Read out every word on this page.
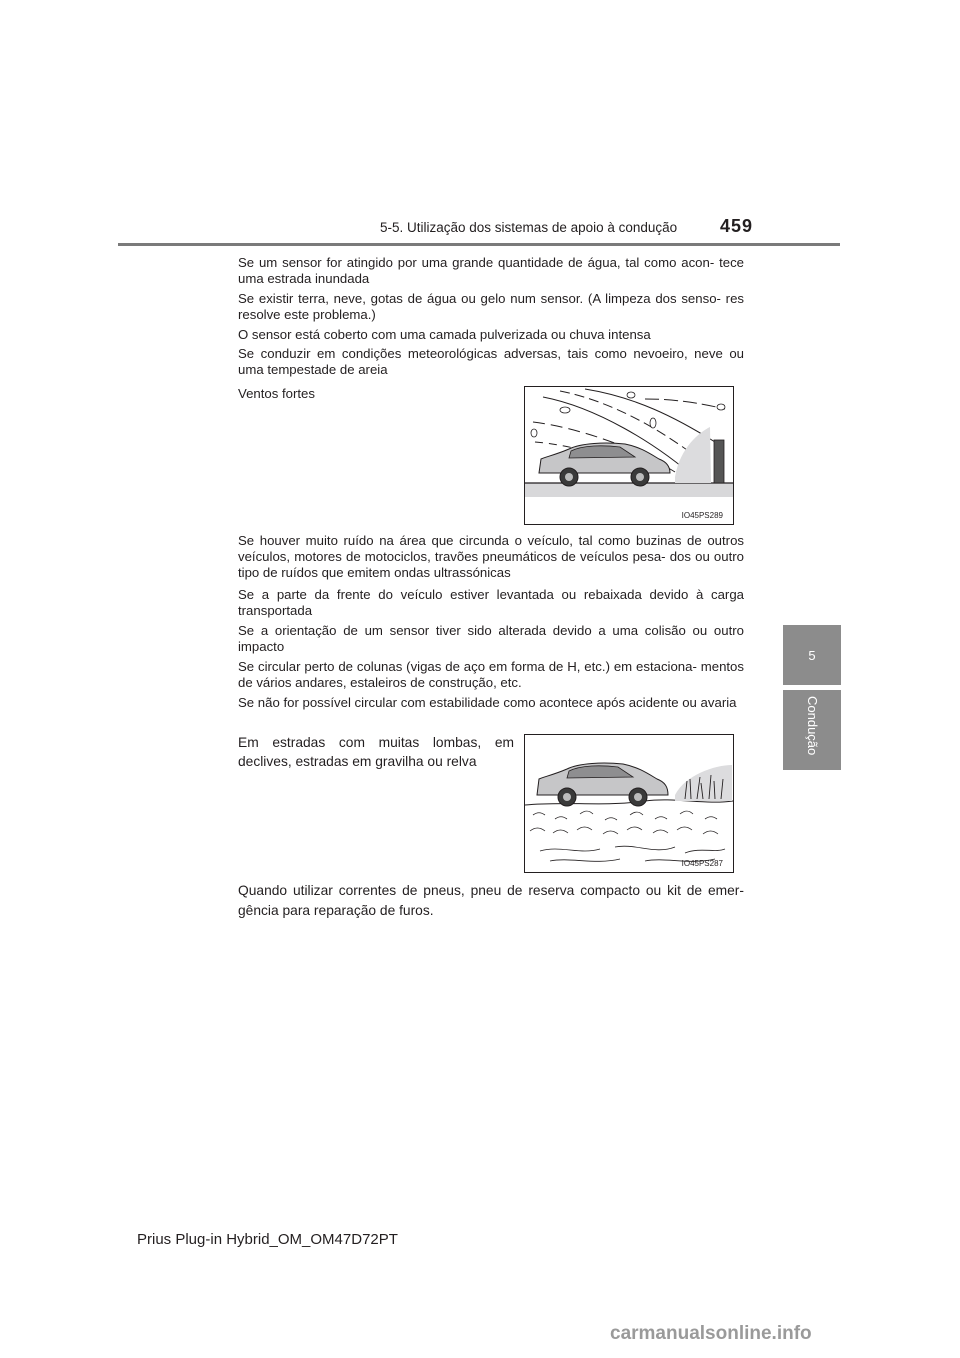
5-5. Utilização dos sistemas de apoio à condução 459
5
Condução

Se um sensor for atingido por uma grande quantidade de água, tal como acon- tece uma estrada inundada

Se existir terra, neve, gotas de água ou gelo num sensor. (A limpeza dos senso- res resolve este problema.)

O sensor está coberto com uma camada pulverizada ou chuva intensa

Se conduzir em condições meteorológicas adversas, tais como nevoeiro, neve ou uma tempestade de areia

Ventos fortes

IO45PS289

Se houver muito ruído na área que circunda o veículo, tal como buzinas de outros veículos, motores de motociclos, travões pneumáticos de veículos pesa- dos ou outro tipo de ruídos que emitem ondas ultrassónicas

Se a parte da frente do veículo estiver levantada ou rebaixada devido à carga transportada

Se a orientação de um sensor tiver sido alterada devido a uma colisão ou outro impacto

Se circular perto de colunas (vigas de aço em forma de H, etc.) em estaciona- mentos de vários andares, estaleiros de construção, etc.

Se não for possível circular com estabilidade como acontece após acidente ou avaria

Em estradas com muitas lombas, em declives, estradas em gravilha ou relva

IO45PS287

Quando utilizar correntes de pneus, pneu de reserva compacto ou kit de emer- gência para reparação de furos.

Prius Plug-in Hybrid_OM_OM47D72PT
carmanualsonline.info
